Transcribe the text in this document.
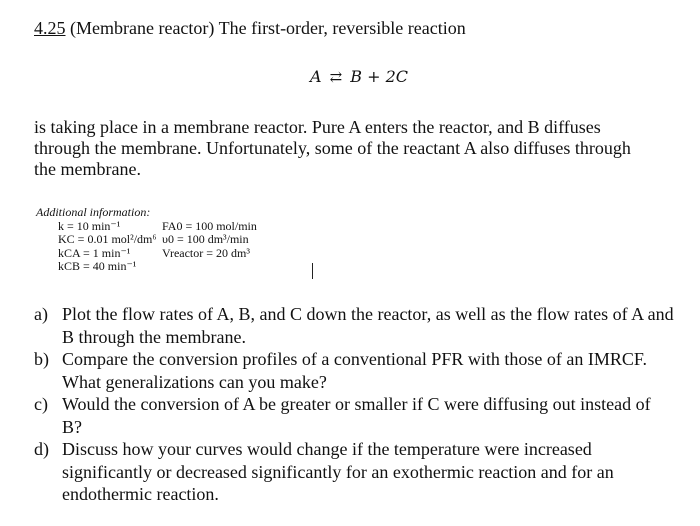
4.25 (Membrane reactor) The first-order, reversible reaction
A ⇄ B + 2C
is taking place in a membrane reactor. Pure A enters the reactor, and B diffuses through the membrane. Unfortunately, some of the reactant A also diffuses through the membrane.
Additional information:
k = 10 min⁻¹
KC = 0.01 mol²/dm⁶
kCA = 1 min⁻¹
kCB = 40 min⁻¹
FA0 = 100 mol/min
υ0 = 100 dm³/min
Vreactor = 20 dm³
a) Plot the flow rates of A, B, and C down the reactor, as well as the flow rates of A and B through the membrane.
b) Compare the conversion profiles of a conventional PFR with those of an IMRCF. What generalizations can you make?
c) Would the conversion of A be greater or smaller if C were diffusing out instead of B?
d) Discuss how your curves would change if the temperature were increased significantly or decreased significantly for an exothermic reaction and for an endothermic reaction.
